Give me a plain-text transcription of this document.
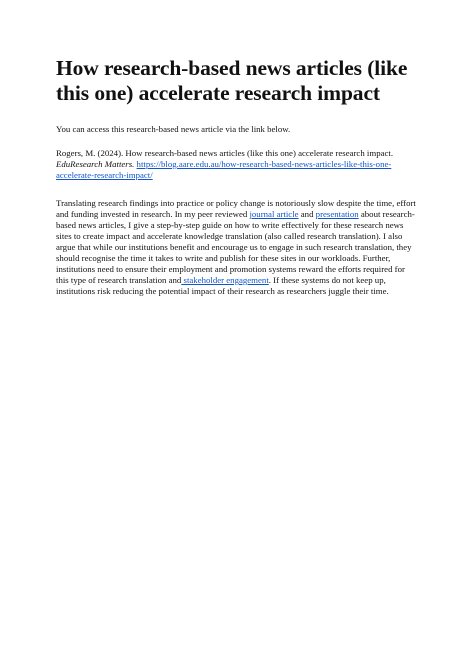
How research-based news articles (like this one) accelerate research impact

You can access this research-based news article via the link below.

Rogers, M. (2024). How research-based news articles (like this one) accelerate research impact. EduResearch Matters. https://blog.aare.edu.au/how-research-based-news-articles-like-this-one-accelerate-research-impact/

Translating research findings into practice or policy change is notoriously slow despite the time, effort and funding invested in research. In my peer reviewed journal article and presentation about research-based news articles, I give a step-by-step guide on how to write effectively for these research news sites to create impact and accelerate knowledge translation (also called research translation). I also argue that while our institutions benefit and encourage us to engage in such research translation, they should recognise the time it takes to write and publish for these sites in our workloads. Further, institutions need to ensure their employment and promotion systems reward the efforts required for this type of research translation and stakeholder engagement. If these systems do not keep up, institutions risk reducing the potential impact of their research as researchers juggle their time.
